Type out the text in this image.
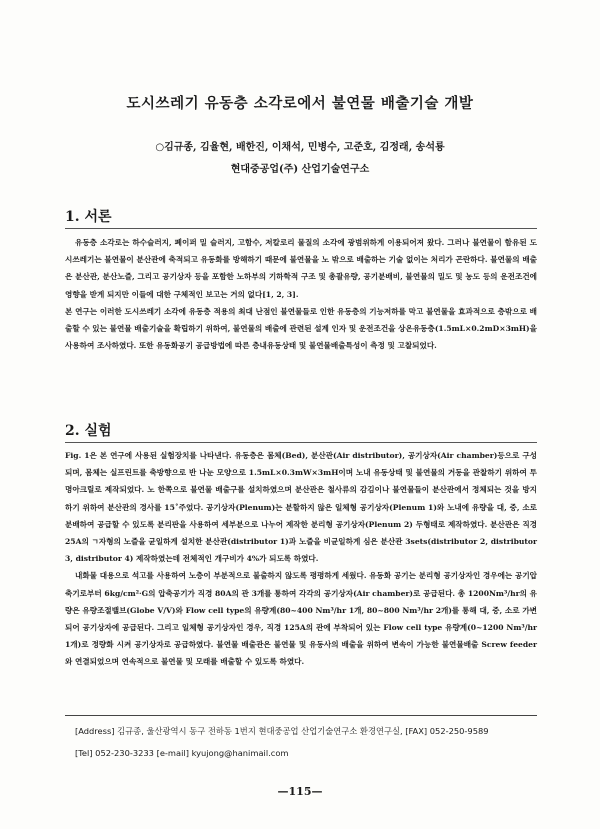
도시쓰레기 유동층 소각로에서 불연물 배출기술 개발
○김규종, 김율현, 배한진, 이채석, 민병수, 고준호, 김정래, 송석룡
현대중공업(주) 산업기술연구소
1. 서론

유동층 소각로는 하수슬러지, 폐이퍼 밀 슬러지, 고함수, 저칼로리 물질의 소각에 광범위하게 이용되어져 왔다. 그러나 불연물이 함유된 도시쓰레기는 불연물이 분산관에 축적되고 유동화를 방해하기 때문에 불연물을 노 밖으로 배출하는 기술 없이는 처리가 곤란하다. 불연물의 배출은 분산관, 분산노즐, 그리고 공기상자 등을 포함한 노하부의 기하학적 구조 및 총괄유량, 공기분배비, 불연물의 밀도 및 농도 등의 운전조건에 영향을 받게 되지만 이들에 대한 구체적인 보고는 거의 없다[1, 2, 3].

본 연구는 이러한 도시쓰레기 소각에 유동층 적용의 최대 난점인 불연물들로 인한 유동층의 기능저하를 막고 불연물을 효과적으로 층밖으로 배출할 수 있는 불연물 배출기술을 확립하기 위하여, 불연물의 배출에 관련된 설계 인자 및 운전조건을 상온유동층(1.5mL×0.2mD×3mH)을 사용하여 조사하였다. 또한 유동화공기 공급방법에 따른 층내유동상태 및 불연물배출특성이 측정 및 고찰되었다.

2. 실험

Fig. 1은 본 연구에 사용된 실험장치를 나타낸다. 유동층은 몸체(Bed), 분산관(Air distributor), 공기상자(Air chamber)등으로 구성되며, 몸체는 실프린트를 축방향으로 반 나눈 모양으로 1.5mL×0.3mW×3mH이며 노내 유동상태 및 불연물의 거동을 관찰하기 위하여 투명아크릴로 제작되었다. 노 한쪽으로 불연물 배출구를 설치하였으며 분산관은 철사류의 감김이나 불연물들이 분산관에서 정체되는 것을 방지하기 위하여 분산관의 경사를 15˚주었다. 공기상자(Plenum)는 분할하지 않은 일체형 공기상자(Plenum 1)와 노내에 유량을 대, 중, 소로 분배하여 공급할 수 있도록 분리판을 사용하여 세부분으로 나누어 제작한 분리형 공기상자(Plenum 2) 두형태로 제작하였다. 분산관은 직경 25A의 ㄱ자형의 노즐을 균일하게 설치한 분산관(distributor 1)과 노즐을 비균일하게 심은 분산관 3sets(distributor 2, distributor 3, distributor 4) 제작하였는데 전체적인 개구비가 4%가 되도록 하였다.

내화물 대용으로 석고를 사용하여 노층이 부분적으로 불출하지 않도록 평평하게 세웠다. 유동화 공기는 분리형 공기상자인 경우에는 공기압축기로부터 6kg/cm²·G의 압축공기가 직경 80A의 관 3개를 통하여 각각의 공기상자(Air chamber)로 공급된다. 총 1200Nm³/hr의 유량은 유량조절밸브(Globe V/V)와 Flow cell type의 유량계(80~400 Nm³/hr 1개, 80~800 Nm³/hr 2개)를 통해 대, 중, 소로 가변되어 공기상자에 공급된다. 그리고 일체형 공기상자인 경우, 직경 125A의 관에 부착되어 있는 Flow cell type 유량계(0~1200 Nm³/hr 1개)로 정량화 시켜 공기상자로 공급하였다. 불연물 배출관은 불연물 및 유동사의 배출을 위하여 변속이 가능한 불연물배출 Screw feeder와 연결되었으며 연속적으로 불연물 및 모래를 배출할 수 있도록 하였다.

[Address] 김규종, 울산광역시 동구 전하동 1번지 현대중공업 산업기술연구소 환경연구실, [FAX] 052-250-9589
[Tel] 052-230-3233 [e-mail] kyujong@hanimail.com
—115—
